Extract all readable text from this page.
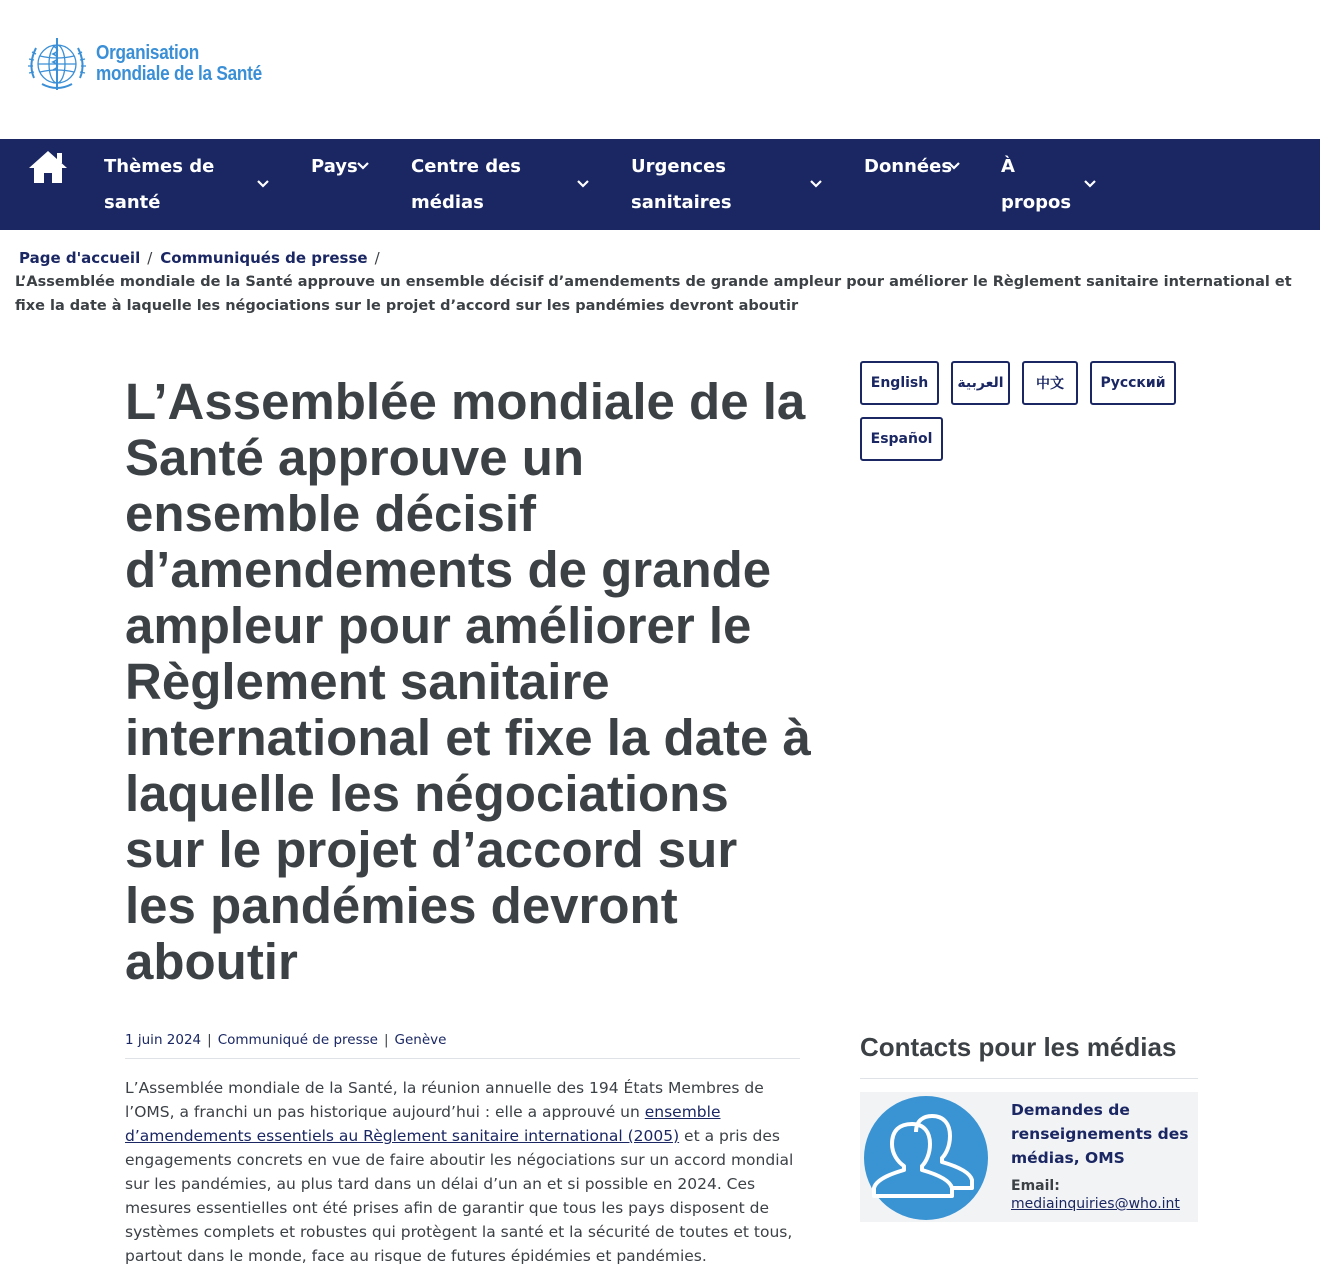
Organisation
mondiale de la Santé
Thèmes de
santé
Pays	Centre des
médias
Urgences
sanitaires
Données	À
propos
Page d'accueil / Communiqués de presse /
L’Assemblée mondiale de la Santé approuve un ensemble décisif d’amendements de grande ampleur pour améliorer le Règlement sanitaire international et fixe la date à laquelle les négociations sur le projet d’accord sur les pandémies devront aboutir
L’Assemblée mondiale de la Santé approuve un ensemble décisif d’amendements de grande ampleur pour améliorer le Règlement sanitaire international et fixe la date à laquelle les négociations sur le projet d’accord sur les pandémies devront aboutir
English	العربية	中文	Русский
Español
1 juin 2024 | Communiqué de presse | Genève

L’Assemblée mondiale de la Santé, la réunion annuelle des 194 États Membres de l’OMS, a franchi un pas historique aujourd’hui : elle a approuvé un ensemble d’amendements essentiels au Règlement sanitaire international (2005) et a pris des engagements concrets en vue de faire aboutir les négociations sur un accord mondial sur les pandémies, au plus tard dans un délai d’un an et si possible en 2024. Ces mesures essentielles ont été prises afin de garantir que tous les pays disposent de systèmes complets et robustes qui protègent la santé et la sécurité de toutes et tous, partout dans le monde, face au risque de futures épidémies et pandémies.

Contacts pour les médias
Demandes de renseignements des médias, OMS
Email:
mediainquiries@who.int
